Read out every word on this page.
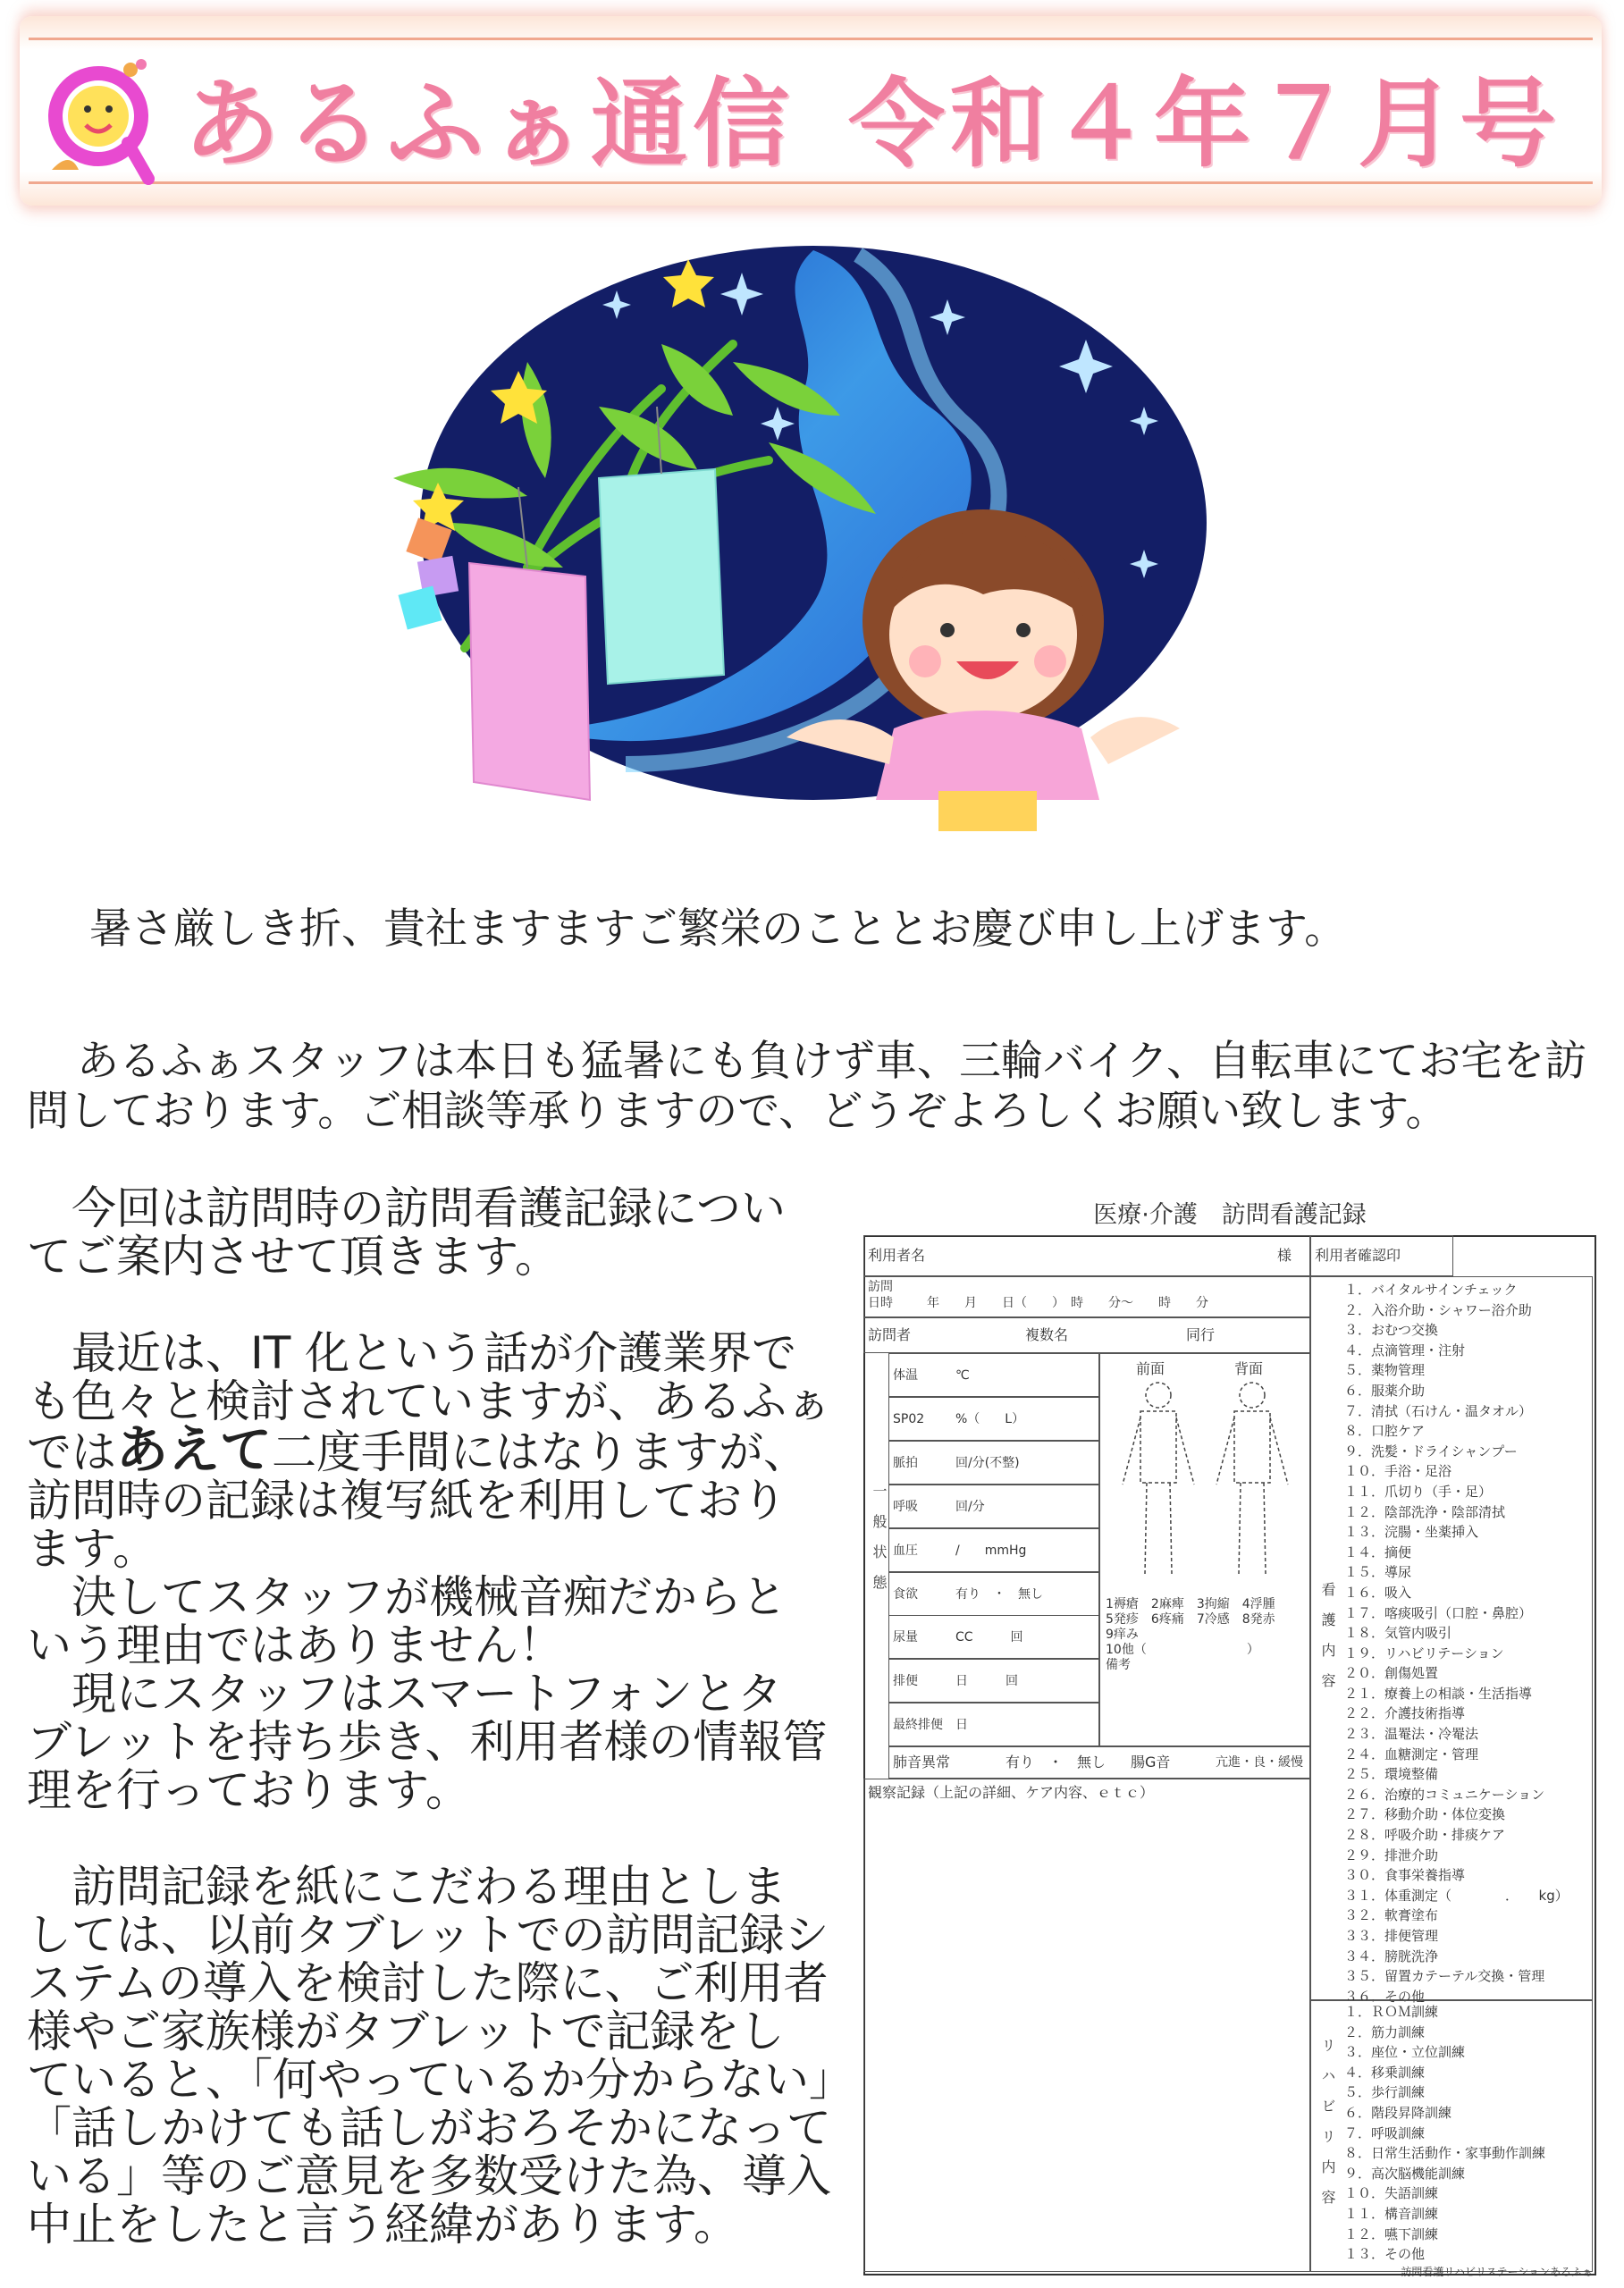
あるふぁ通信 令和４年７月号
暑さ厳しき折、貴社ますますご繁栄のこととお慶び申し上げます。
あるふぁスタッフは本日も猛暑にも負けず車、三輪バイク、自転車にてお宅を訪問しております。ご相談等承りますので、どうぞよろしくお願い致します。

　今回は訪問時の訪問看護記録につい

てご案内させて頂きます。

　最近は、IT 化という話が介護業界で

も色々と検討されていますが、あるふぁ

ではあえて二度手間にはなりますが、

訪問時の記録は複写紙を利用しており

ます。

　決してスタッフが機械音痴だからと

いう理由ではありません！

　現にスタッフはスマートフォンとタ

ブレットを持ち歩き、利用者様の情報管

理を行っております。

　訪問記録を紙にこだわる理由としま

しては、以前タブレットでの訪問記録シ

ステムの導入を検討した際に、ご利用者

様やご家族様がタブレットで記録をし

ていると、「何やっているか分からない」

「話しかけても話しがおろそかになって

いる」等のご意見を多数受けた為、導入

中止をしたと言う経緯があります。

医療·介護　訪問看護記録
利用者名	様	利用者確認印
訪問日時	年　　月　　日（　　）　時　　分～　　時　　分
訪問者	複数名	同行
一般状態
体温	℃
SP02 %（　　L）
脈拍	回/分(不整)
呼吸	回/分
血圧	/　　mmHg
食欲	有り　・　無し
尿量	CC　　　回
排便	日　　　回
最終排便 日
前面	背面
1褥瘡　2麻痺　3拘縮　4浮腫
5発疹　6疼痛　7冷感　8発赤
9痒み
10他（　　　　　　　　）
備考
肺音異常	有り　・　無し 腸G音	亢進・良・緩慢
観察記録（上記の詳細、ケア内容、ｅｔｃ）
看護内容
１．バイタルサインチェック
２．入浴介助・シャワー浴介助
３．おむつ交換
４．点滴管理・注射
５．薬物管理
６．服薬介助
７．清拭（石けん・温タオル）
８．口腔ケア
９．洗髪・ドライシャンプー
１０．手浴・足浴
１１．爪切り（手・足）
１２．陰部洗浄・陰部清拭
１３．浣腸・坐薬挿入
１４．摘便
１５．導尿
１６．吸入
１７．喀痰吸引（口腔・鼻腔）
１８．気管内吸引
１９．リハビリテーション
２０．創傷処置
２１．療養上の相談・生活指導
２２．介護技術指導
２３．温罨法・冷罨法
２４．血糖測定・管理
２５．環境整備
２６．治療的コミュニケーション
２７．移動介助・体位変換
２８．呼吸介助・排痰ケア
２９．排泄介助
３０．食事栄養指導
３１．体重測定（　　　　．　　kg）
３２．軟膏塗布
３３．排便管理
３４．膀胱洗浄
３５．留置カテーテル交換・管理
３６．その他
リハビリ内容
１．ＲＯＭ訓練
２．筋力訓練
３．座位・立位訓練
４．移乗訓練
５．歩行訓練
６．階段昇降訓練
７．呼吸訓練
８．日常生活動作・家事動作訓練
９．高次脳機能訓練
１０．失語訓練
１１．構音訓練
１２．嚥下訓練
１３．その他
訪問看護リハビリステーションあるふぁ
